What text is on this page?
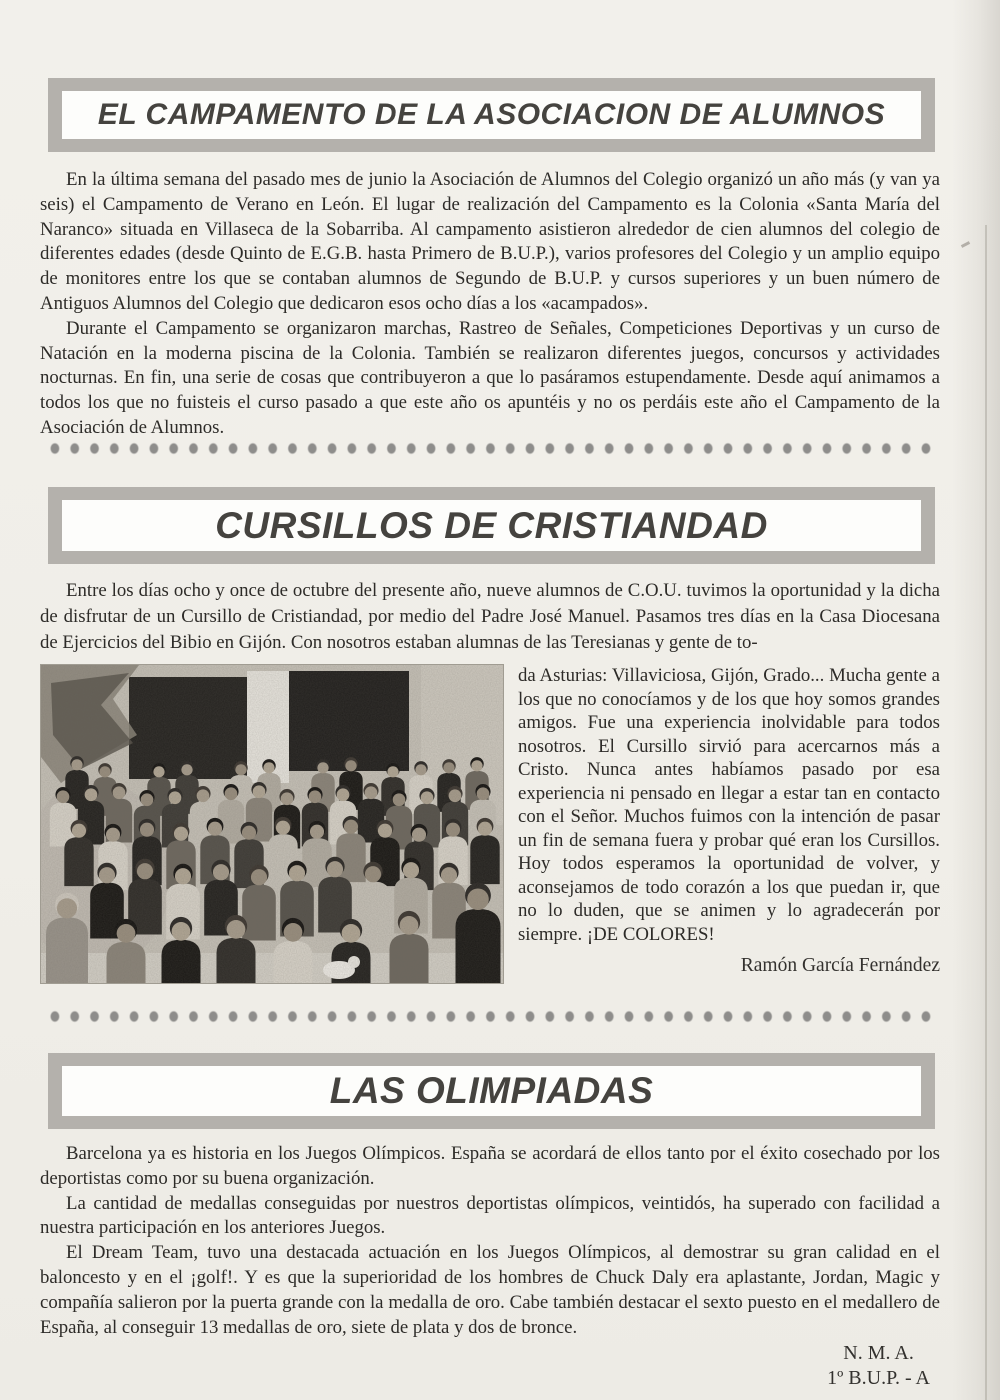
EL CAMPAMENTO DE LA ASOCIACION DE ALUMNOS

En la última semana del pasado mes de junio la Asociación de Alumnos del Colegio organizó un año más (y van ya seis) el Campamento de Verano en León. El lugar de realización del Campamento es la Colonia «Santa María del Naranco» situada en Villaseca de la Sobarriba. Al campamento asistieron alrededor de cien alumnos del colegio de diferentes edades (desde Quinto de E.G.B. hasta Primero de B.U.P.), varios profesores del Colegio y un amplio equipo de monitores entre los que se contaban alumnos de Segundo de B.U.P. y cursos superiores y un buen número de Antiguos Alumnos del Colegio que dedicaron esos ocho días a los «acampados».

Durante el Campamento se organizaron marchas, Rastreo de Señales, Competiciones Deportivas y un curso de Natación en la moderna piscina de la Colonia. También se realizaron diferentes juegos, concursos y actividades nocturnas. En fin, una serie de cosas que contribuyeron a que lo pasáramos estupendamente. Desde aquí animamos a todos los que no fuisteis el curso pasado a que este año os apuntéis y no os perdáis este año el Campamento de la Asociación de Alumnos.

CURSILLOS DE CRISTIANDAD

Entre los días ocho y once de octubre del presente año, nueve alumnos de C.O.U. tuvimos la oportunidad y la dicha de disfrutar de un Cursillo de Cristiandad, por medio del Padre José Manuel. Pasamos tres días en la Casa Diocesana de Ejercicios del Bibio en Gijón. Con nosotros estaban alumnas de las Teresianas y gente de to-

da Asturias: Villaviciosa, Gijón, Grado... Mucha gente a los que no conocíamos y de los que hoy somos grandes amigos. Fue una experiencia inolvidable para todos nosotros. El Cursillo sirvió para acercarnos más a Cristo. Nunca antes habíamos pasado por esa experiencia ni pensado en llegar a estar tan en contacto con el Señor. Muchos fuimos con la intención de pasar un fin de semana fuera y probar qué eran los Cursillos. Hoy todos esperamos la oportunidad de volver, y aconsejamos de todo corazón a los que puedan ir, que no lo duden, que se animen y lo agradecerán por siempre. ¡DE COLORES!

Ramón García Fernández
LAS OLIMPIADAS

Barcelona ya es historia en los Juegos Olímpicos. España se acordará de ellos tanto por el éxito cosechado por los deportistas como por su buena organización.

La cantidad de medallas conseguidas por nuestros deportistas olímpicos, veintidós, ha superado con facilidad a nuestra participación en los anteriores Juegos.

El Dream Team, tuvo una destacada actuación en los Juegos Olímpicos, al demostrar su gran calidad en el baloncesto y en el ¡golf!. Y es que la superioridad de los hombres de Chuck Daly era aplastante, Jordan, Magic y compañía salieron por la puerta grande con la medalla de oro. Cabe también destacar el sexto puesto en el medallero de España, al conseguir 13 medallas de oro, siete de plata y dos de bronce.

N. M. A.
1º B.U.P. - A
